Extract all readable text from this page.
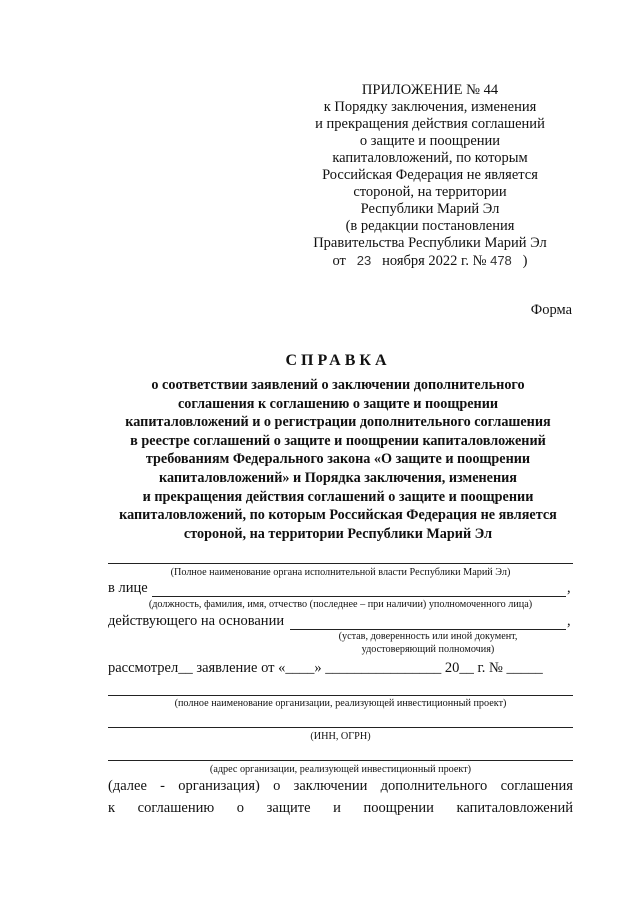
ПРИЛОЖЕНИЕ № 44
к Порядку заключения, изменения
и прекращения действия соглашений
о защите и поощрении
капиталовложений, по которым
Российская Федерация не является
стороной, на территории
Республики Марий Эл
(в редакции постановления
Правительства Республики Марий Эл
от 23 ноября 2022 г. № 478 )
Форма
СПРАВКА
о соответствии заявлений о заключении дополнительного
соглашения к соглашению о защите и поощрении
капиталовложений и о регистрации дополнительного соглашения
в реестре соглашений о защите и поощрении капиталовложений
требованиям Федерального закона «О защите и поощрении
капиталовложений» и Порядка заключения, изменения
и прекращения действия соглашений о защите и поощрении
капиталовложений, по которым Российская Федерация не является
стороной, на территории Республики Марий Эл
(Полное наименование органа исполнительной власти Республики Марий Эл)
в лице	,
(должность, фамилия, имя, отчество (последнее – при наличии) уполномоченного лица)
действующего на основании	,
(устав, доверенность или иной документ,
удостоверяющий полномочия)
рассмотрел__ заявление от «____» ________________ 20__ г. № _____
(полное наименование организации, реализующей инвестиционный проект)
(ИНН, ОГРН)
(адрес организации, реализующей инвестиционный проект)
(далее - организация) о заключении дополнительного соглашения
к соглашению о защите и поощрении капиталовложений
